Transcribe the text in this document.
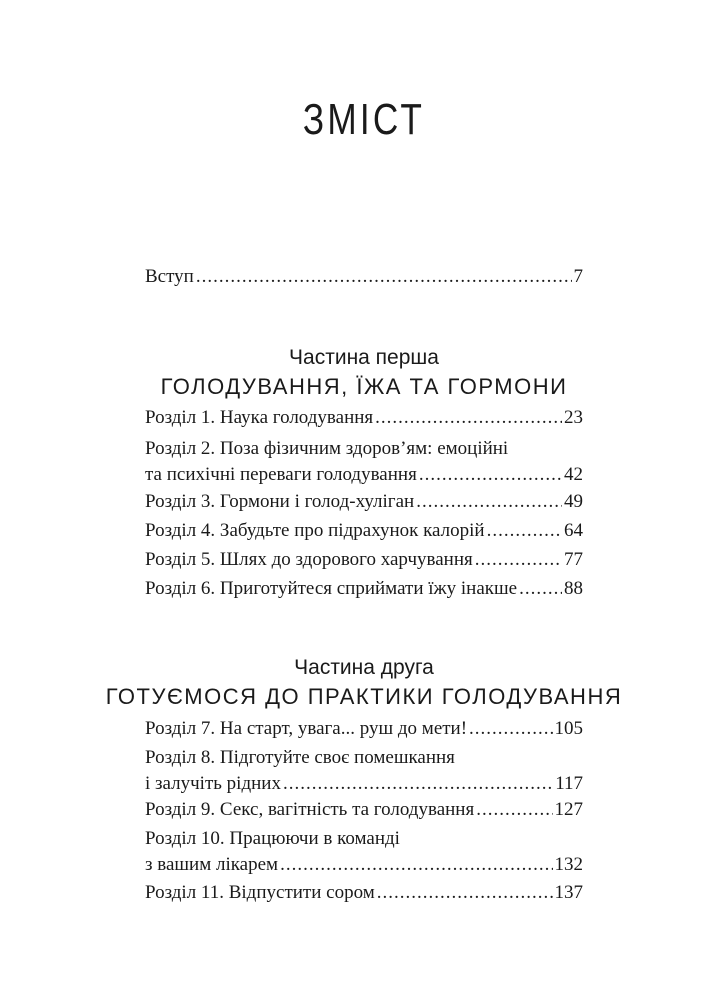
ЗМІСТ
Вступ .....	7
Частина перша
ГОЛОДУВАННЯ, ЇЖА ТА ГОРМОНИ
Розділ 1. Наука голодування .....	23
Розділ 2. Поза фізичним здоров’ям: емоційні
та психічні переваги голодування .....	42
Розділ 3. Гормони і голод-хуліган .....	49
Розділ 4. Забудьте про підрахунок калорій .....	64
Розділ 5. Шлях до здорового харчування .....	77
Розділ 6. Приготуйтеся сприймати їжу інакше ..... 88
Частина друга
ГОТУЄМОСЯ ДО ПРАКТИКИ ГОЛОДУВАННЯ
Розділ 7. На старт, увага... руш до мети! .....	105
Розділ 8. Підготуйте своє помешкання
і залучіть рідних .....	117
Розділ 9. Секс, вагітність та голодування .....	127
Розділ 10. Працюючи в команді
з вашим лікарем .....	132
Розділ 11. Відпустити сором .....	137
